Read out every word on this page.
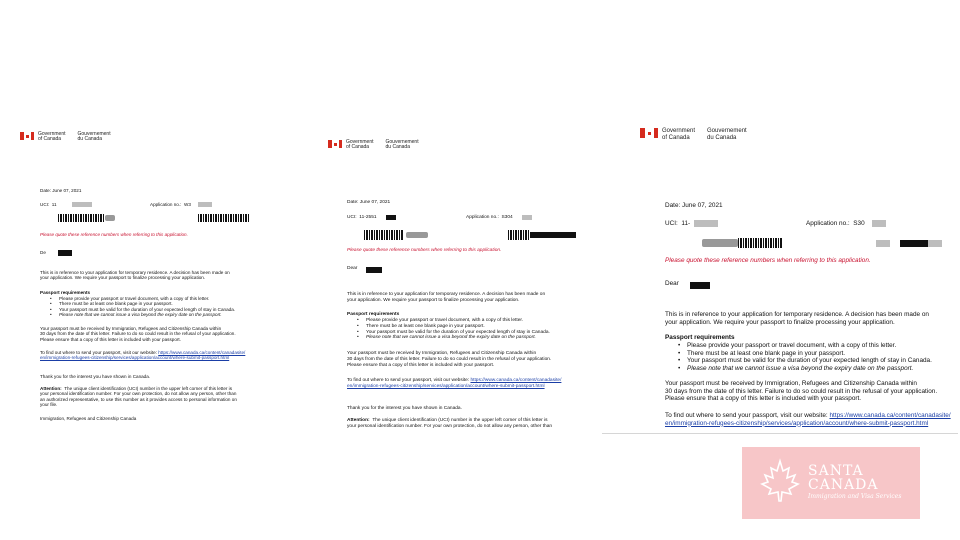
Government
of Canada
Gouvernement
du Canada
Date: June 07, 2021
UCI: 11	Application no.: W3
Please quote these reference numbers when referring to this application.
De
This is in reference to your application for temporary residence. A decision has been made on
your application. We require your passport to finalize processing your application.
Passport requirements
• Please provide your passport or travel document, with a copy of this letter.
• There must be at least one blank page in your passport.
• Your passport must be valid for the duration of your expected length of stay in Canada.
• Please note that we cannot issue a visa beyond the expiry date on the passport.
Your passport must be received by Immigration, Refugees and Citizenship Canada within
30 days from the date of this letter. Failure to do so could result in the refusal of your application.
Please ensure that a copy of this letter is included with your passport.
To find out where to send your passport, visit our website: https://www.canada.ca/content/canadasite/
en/immigration-refugees-citizenship/services/application/account/where-submit-passport.html
Thank you for the interest you have shown in Canada.
Attention: The unique client identification (UCI) number in the upper left corner of this letter is
your personal identification number. For your own protection, do not allow any person, other than
an authorized representative, to use this number as it provides access to personal information on
your file.
Immigration, Refugees and Citizenship Canada
Government
of Canada
Gouvernement
du Canada
Date: June 07, 2021
UCI: 11-2551	Application no.: S304
Please quote these reference numbers when referring to this application.
Dear
This is in reference to your application for temporary residence. A decision has been made on
your application. We require your passport to finalize processing your application.
Passport requirements
• Please provide your passport or travel document, with a copy of this letter.
• There must be at least one blank page in your passport.
• Your passport must be valid for the duration of your expected length of stay in Canada.
• Please note that we cannot issue a visa beyond the expiry date on the passport.
Your passport must be received by Immigration, Refugees and Citizenship Canada within
30 days from the date of this letter. Failure to do so could result in the refusal of your application.
Please ensure that a copy of this letter is included with your passport.
To find out where to send your passport, visit our website: https://www.canada.ca/content/canadasite/
en/immigration-refugees-citizenship/services/application/account/where-submit-passport.html
Thank you for the interest you have shown in Canada.
Attention: The unique client identification (UCI) number in the upper left corner of this letter is
your personal identification number. For your own protection, do not allow any person, other than
Government
of Canada
Gouvernement
du Canada
Date: June 07, 2021
UCI: 11-	Application no.: S30
Please quote these reference numbers when referring to this application.
Dear
This is in reference to your application for temporary residence. A decision has been made on
your application. We require your passport to finalize processing your application.
Passport requirements
• Please provide your passport or travel document, with a copy of this letter.
• There must be at least one blank page in your passport.
• Your passport must be valid for the duration of your expected length of stay in Canada.
• Please note that we cannot issue a visa beyond the expiry date on the passport.
Your passport must be received by Immigration, Refugees and Citizenship Canada within
30 days from the date of this letter. Failure to do so could result in the refusal of your application.
Please ensure that a copy of this letter is included with your passport.
To find out where to send your passport, visit our website: https://www.canada.ca/content/canadasite/
en/immigration-refugees-citizenship/services/application/account/where-submit-passport.html
SANTA
CANADA
Immigration and Visa Services
